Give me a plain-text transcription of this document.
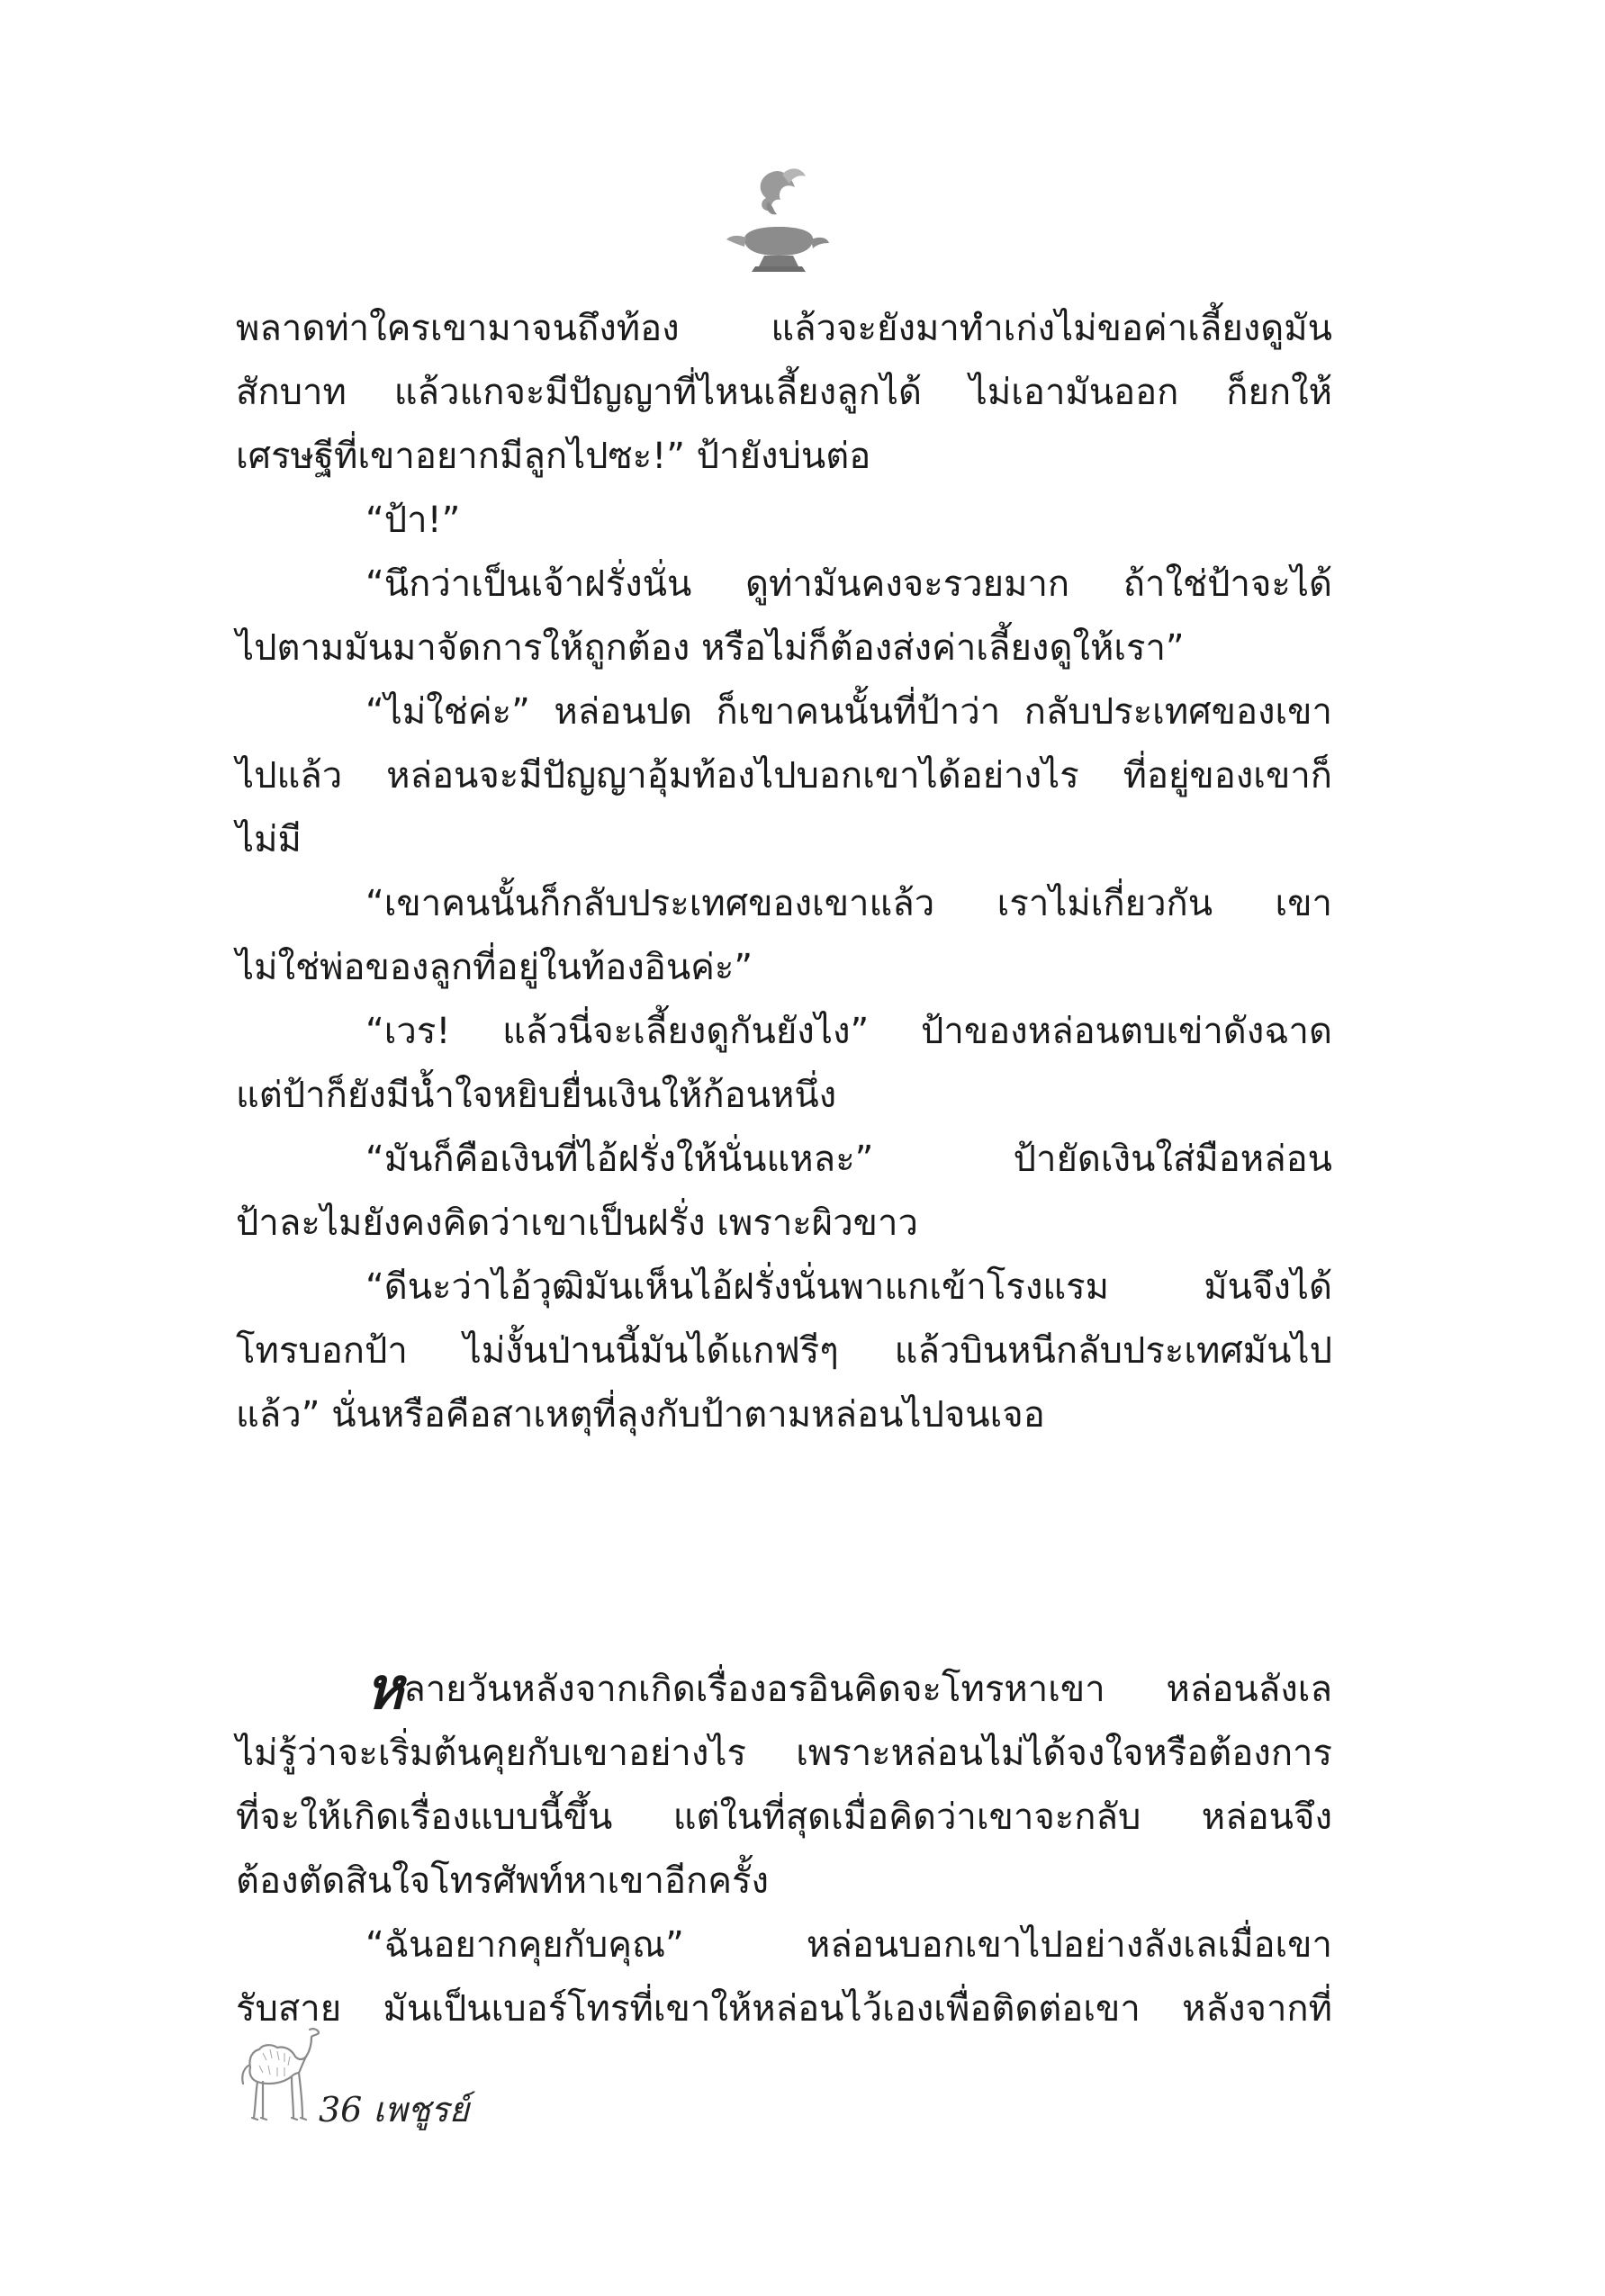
พลาดท่าใครเขามาจนถึงท้อง แล้วจะยังมาทำเก่งไม่ขอค่าเลี้ยงดูมัน
สักบาท แล้วแกจะมีปัญญาที่ไหนเลี้ยงลูกได้ ไม่เอามันออก ก็ยกให้
เศรษฐีที่เขาอยากมีลูกไปซะ!” ป้ายังบ่นต่อ
“ป้า!”
“นึกว่าเป็นเจ้าฝรั่งนั่น ดูท่ามันคงจะรวยมาก ถ้าใช่ป้าจะได้
ไปตามมันมาจัดการให้ถูกต้อง หรือไม่ก็ต้องส่งค่าเลี้ยงดูให้เรา”
“ไม่ใช่ค่ะ” หล่อนปด ก็เขาคนนั้นที่ป้าว่า กลับประเทศของเขา
ไปแล้ว หล่อนจะมีปัญญาอุ้มท้องไปบอกเขาได้อย่างไร ที่อยู่ของเขาก็
ไม่มี
“เขาคนนั้นก็กลับประเทศของเขาแล้ว เราไม่เกี่ยวกัน เขา
ไม่ใช่พ่อของลูกที่อยู่ในท้องอินค่ะ”
“เวร! แล้วนี่จะเลี้ยงดูกันยังไง” ป้าของหล่อนตบเข่าดังฉาด
แต่ป้าก็ยังมีน้ำใจหยิบยื่นเงินให้ก้อนหนึ่ง
“มันก็คือเงินที่ไอ้ฝรั่งให้นั่นแหละ” ป้ายัดเงินใส่มือหล่อน
ป้าละไมยังคงคิดว่าเขาเป็นฝรั่ง เพราะผิวขาว
“ดีนะว่าไอ้วุฒิมันเห็นไอ้ฝรั่งนั่นพาแกเข้าโรงแรม มันจึงได้
โทรบอกป้า ไม่งั้นป่านนี้มันได้แกฟรีๆ แล้วบินหนีกลับประเทศมันไป
แล้ว” นั่นหรือคือสาเหตุที่ลุงกับป้าตามหล่อนไปจนเจอ
หลายวันหลังจากเกิดเรื่องอรอินคิดจะโทรหาเขา หล่อนลังเล
ไม่รู้ว่าจะเริ่มต้นคุยกับเขาอย่างไร เพราะหล่อนไม่ได้จงใจหรือต้องการ
ที่จะให้เกิดเรื่องแบบนี้ขึ้น แต่ในที่สุดเมื่อคิดว่าเขาจะกลับ หล่อนจึง
ต้องตัดสินใจโทรศัพท์หาเขาอีกครั้ง
“ฉันอยากคุยกับคุณ” หล่อนบอกเขาไปอย่างลังเลเมื่อเขา
รับสาย มันเป็นเบอร์โทรที่เขาให้หล่อนไว้เองเพื่อติดต่อเขา หลังจากที่
36 เพชูรย์
